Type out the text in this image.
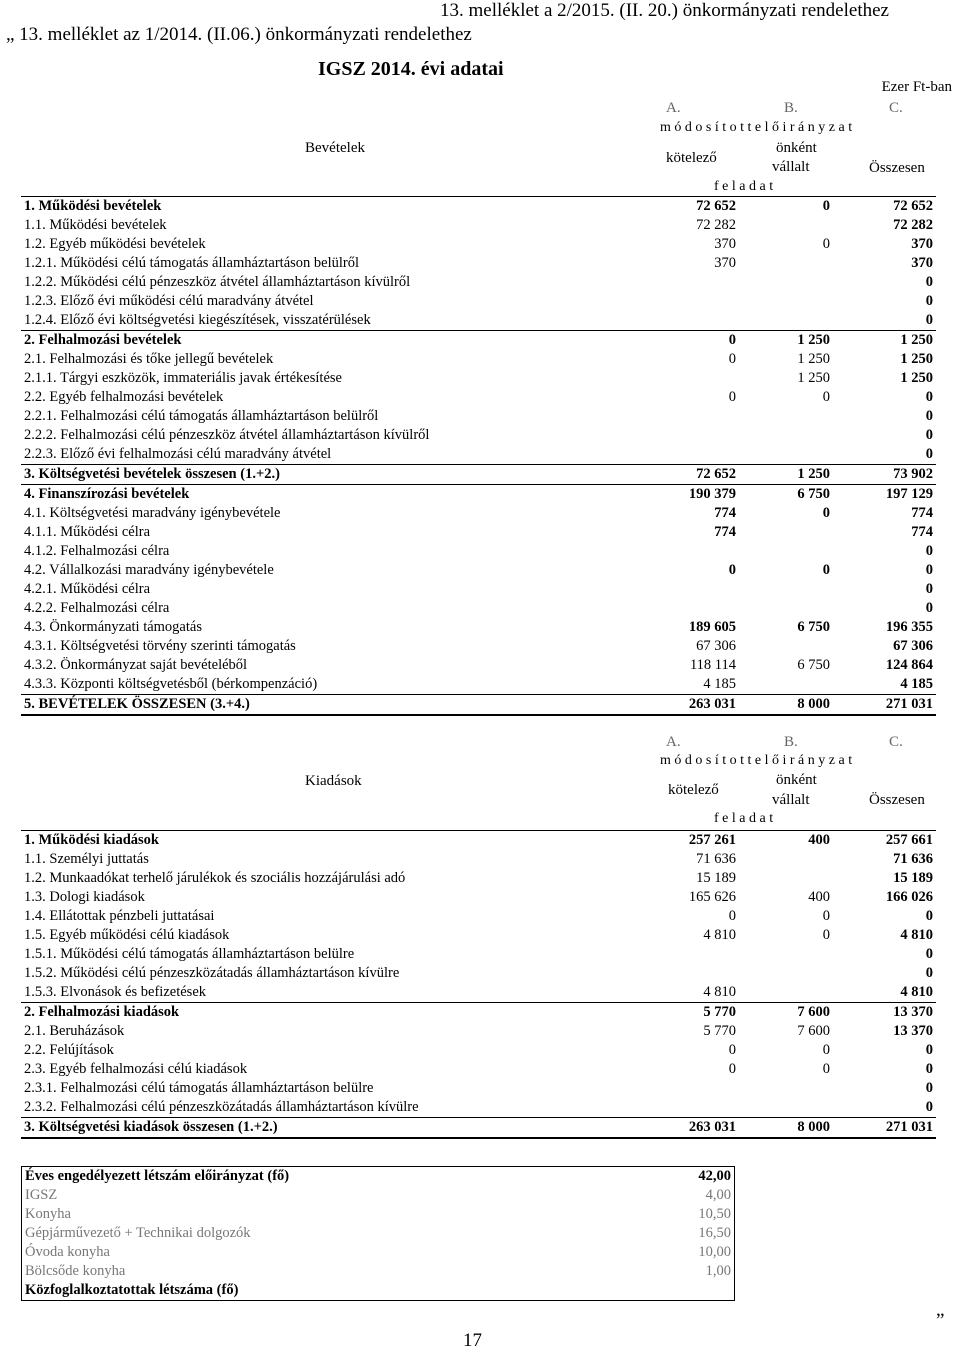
13. melléklet a 2/2015. (II. 20.) önkormányzati rendelethez
„ 13. melléklet az 1/2014. (II.06.) önkormányzati rendelethez
IGSZ 2014. évi adatai
Ezer Ft-ban
Bevételek
A.	B.	C.
m ó d o s í t o t t e l ő i r á n y z a t
kötelező
önként
vállalt	Összesen
f e l a d a t
1. Működési bevételek	72 652	0	72 652
1.1. Működési bevételek	72 282		72 282
1.2. Egyéb működési bevételek	370	0	370
1.2.1. Működési célú támogatás államháztartáson belülről	370		370
1.2.2. Működési célú pénzeszköz átvétel államháztartáson kívülről			0
1.2.3. Előző évi működési célú maradvány átvétel			0
1.2.4. Előző évi költségvetési kiegészítések, visszatérülések			0
2. Felhalmozási bevételek	0	1 250	1 250
2.1. Felhalmozási és tőke jellegű bevételek	0	1 250	1 250
2.1.1. Tárgyi eszközök, immateriális javak értékesítése		1 250	1 250
2.2. Egyéb felhalmozási bevételek	0	0	0
2.2.1. Felhalmozási célú támogatás államháztartáson belülről			0
2.2.2. Felhalmozási célú pénzeszköz átvétel államháztartáson kívülről			0
2.2.3. Előző évi felhalmozási célú maradvány átvétel			0
3. Költségvetési bevételek összesen (1.+2.)	72 652	1 250	73 902
4. Finanszírozási bevételek	190 379	6 750	197 129
4.1. Költségvetési maradvány igénybevétele	774	0	774
4.1.1. Működési célra	774		774
4.1.2. Felhalmozási célra			0
4.2. Vállalkozási maradvány igénybevétele	0	0	0
4.2.1. Működési célra			0
4.2.2. Felhalmozási célra			0
4.3. Önkormányzati támogatás	189 605	6 750	196 355
4.3.1. Költségvetési törvény szerinti támogatás	67 306		67 306
4.3.2. Önkormányzat saját bevételéből	118 114	6 750	124 864
4.3.3. Központi költségvetésből (bérkompenzáció)	4 185		4 185
5. BEVÉTELEK ÖSSZESEN (3.+4.)	263 031	8 000	271 031
A.	B.	C.
m ó d o s í t o t t e l ő i r á n y z a t
Kiadások
kötelező
önként
vállalt	Összesen
f e l a d a t
1. Működési kiadások	257 261	400	257 661
1.1. Személyi juttatás	71 636		71 636
1.2. Munkaadókat terhelő járulékok és szociális hozzájárulási adó	15 189		15 189
1.3. Dologi kiadások	165 626	400	166 026
1.4. Ellátottak pénzbeli juttatásai	0	0	0
1.5. Egyéb működési célú kiadások	4 810	0	4 810
1.5.1. Működési célú támogatás államháztartáson belülre			0
1.5.2. Működési célú pénzeszközátadás államháztartáson kívülre			0
1.5.3. Elvonások és befizetések	4 810		4 810
2. Felhalmozási kiadások	5 770	7 600	13 370
2.1. Beruházások	5 770	7 600	13 370
2.2. Felújítások	0	0	0
2.3. Egyéb felhalmozási célú kiadások	0	0	0
2.3.1. Felhalmozási célú támogatás államháztartáson belülre			0
2.3.2. Felhalmozási célú pénzeszközátadás államháztartáson kívülre			0
3. Költségvetési kiadások összesen (1.+2.)	263 031	8 000	271 031
Éves engedélyezett létszám előirányzat (fő)	42,00
IGSZ	4,00
Konyha	10,50
Gépjárművezető + Technikai dolgozók	16,50
Óvoda konyha	10,00
Bölcsőde konyha	1,00
Közfoglalkoztatottak létszáma (fő)	
17
”
